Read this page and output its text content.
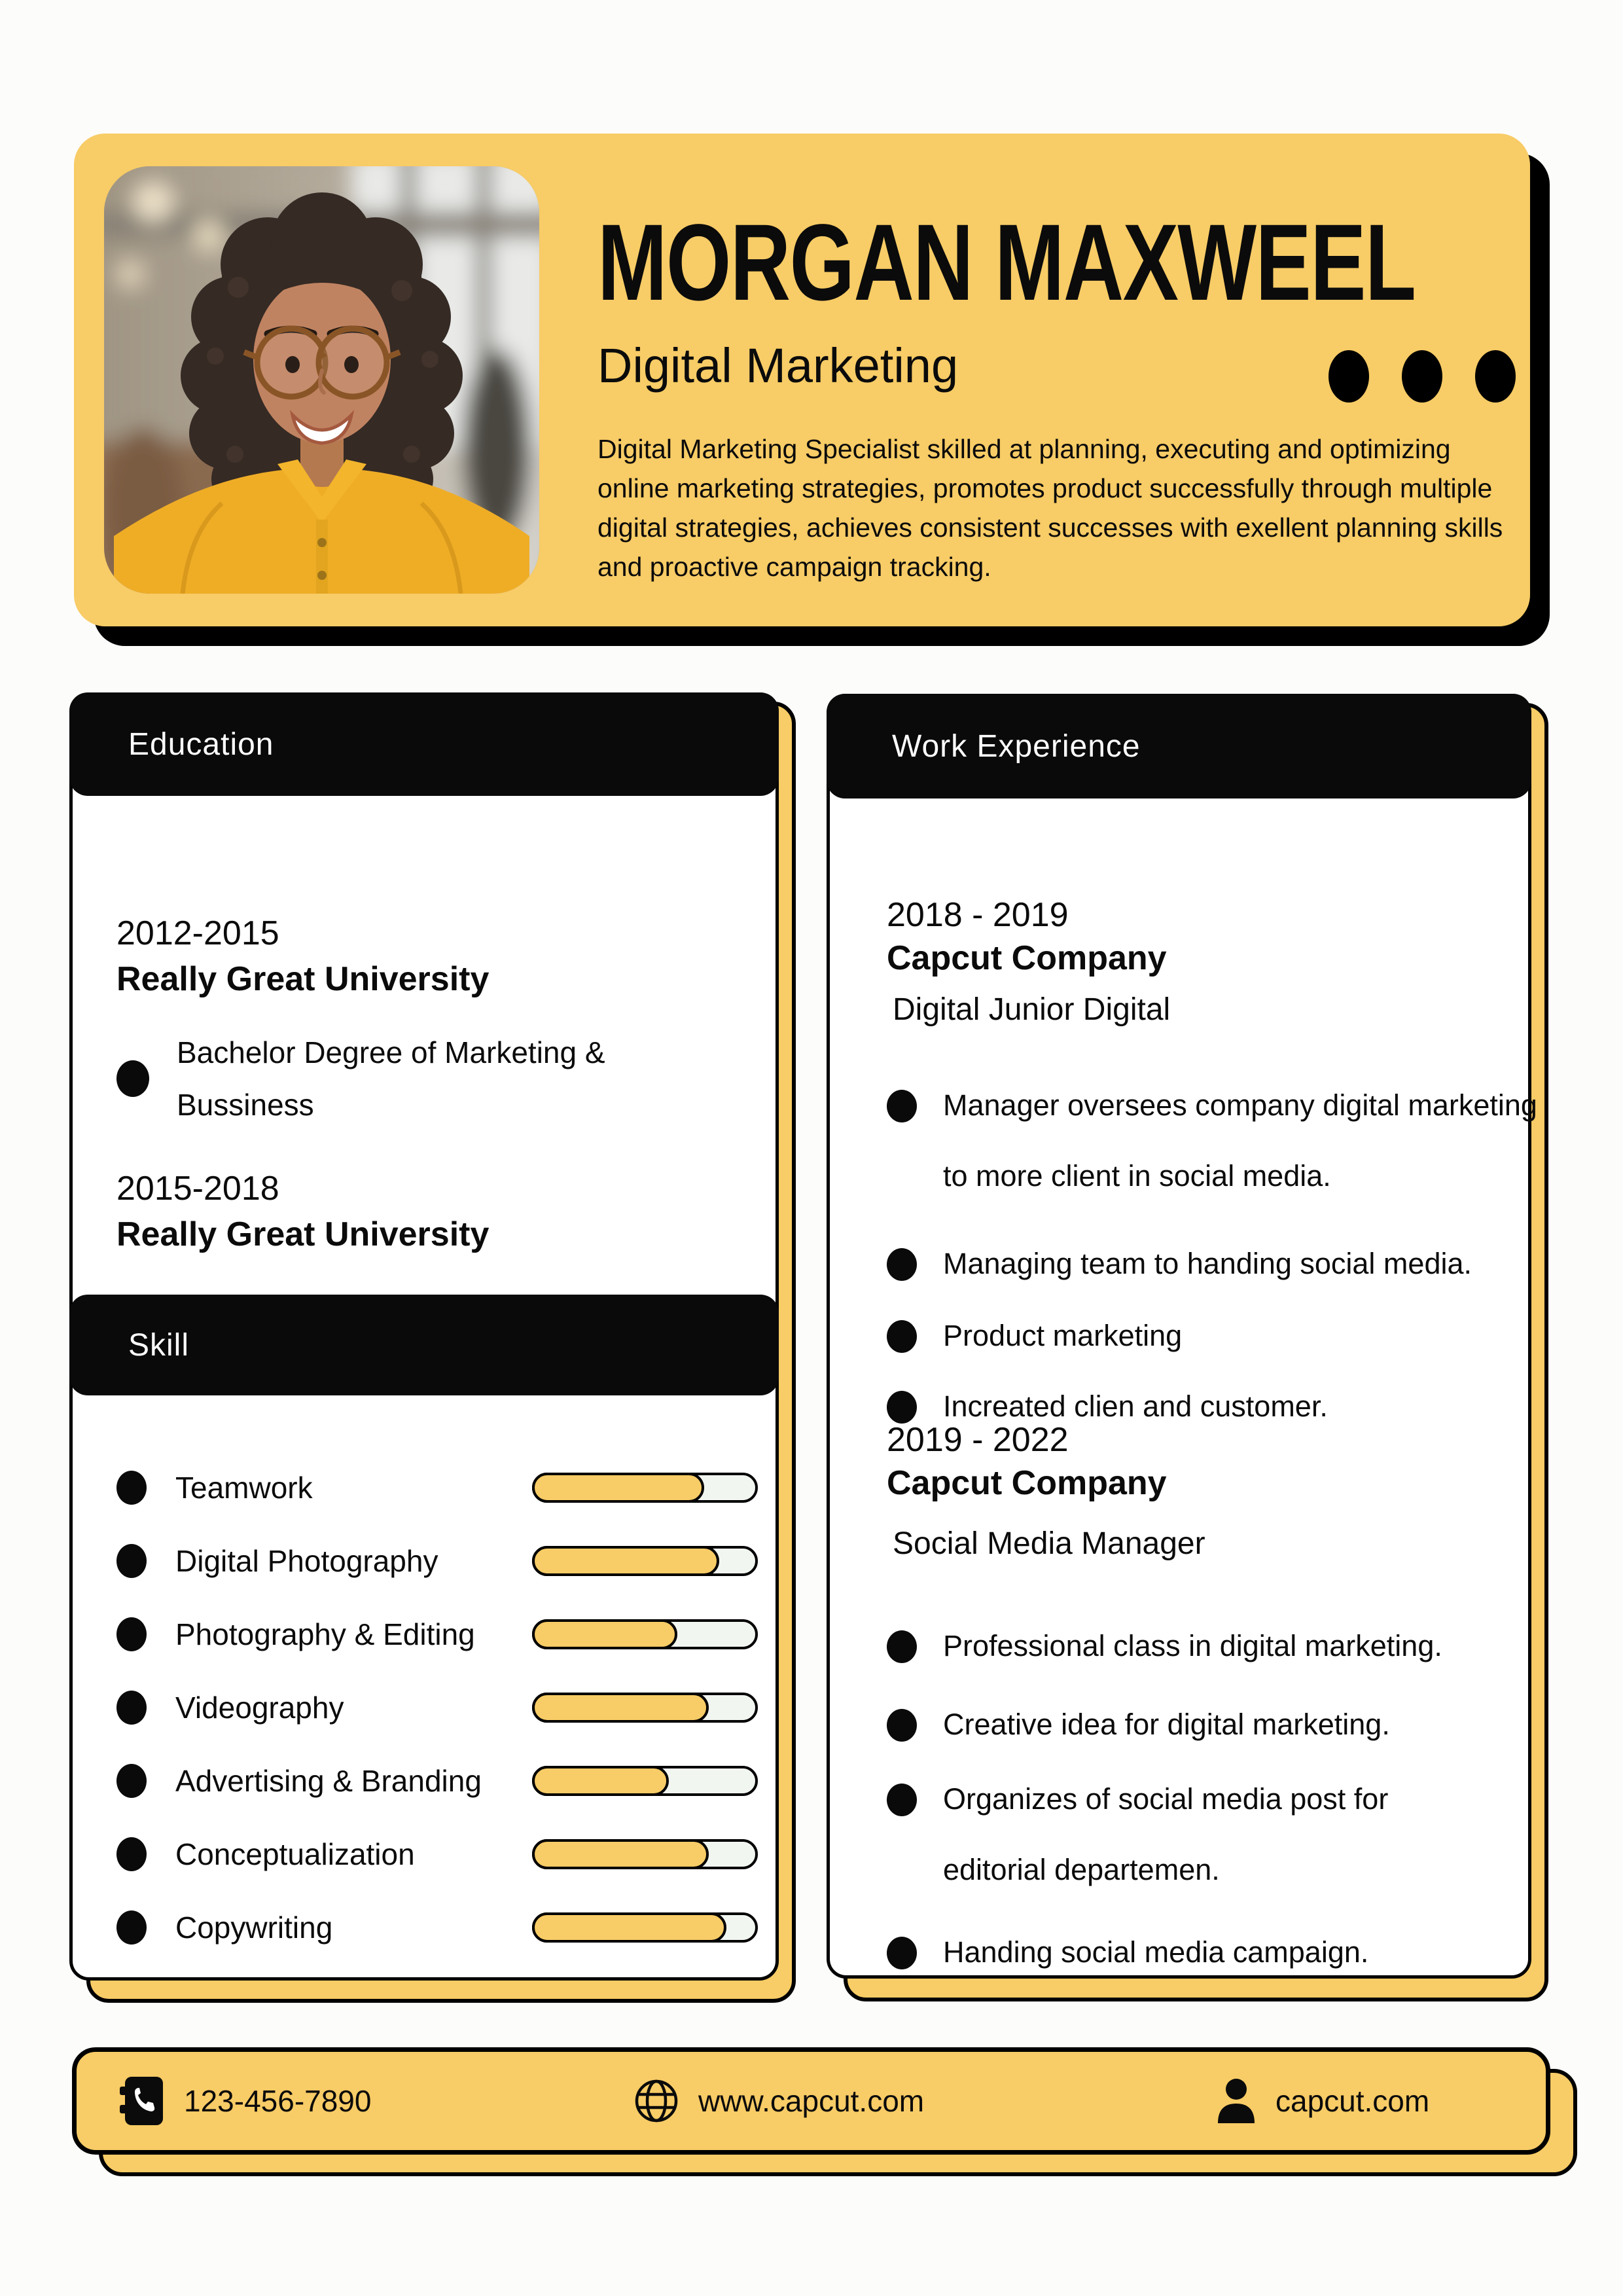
MORGAN MAXWEEL
Digital Marketing
Digital Marketing Specialist skilled at planning, executing and optimizing online marketing strategies, promotes product successfully through multiple digital strategies, achieves consistent successes with exellent planning skills and proactive campaign tracking.
Education
2012-2015
Really Great University
Bachelor Degree of Marketing & Bussiness
2015-2018
Really Great University
Skill
Teamwork
Digital Photography
Photography & Editing
Videography
Advertising & Branding
Conceptualization
Copywriting
Work Experience
2018 - 2019
Capcut Company
Digital Junior Digital
Manager oversees company digital marketing to more client in social media.
Managing team to handing social media.
Product marketing
Increated clien and customer.
2019 - 2022
Capcut Company
Social Media Manager
Professional class in digital marketing.
Creative idea for digital marketing.
Organizes of social media post for editorial departemen.
Handing social media campaign.
123-456-7890	www.capcut.com	capcut.com
